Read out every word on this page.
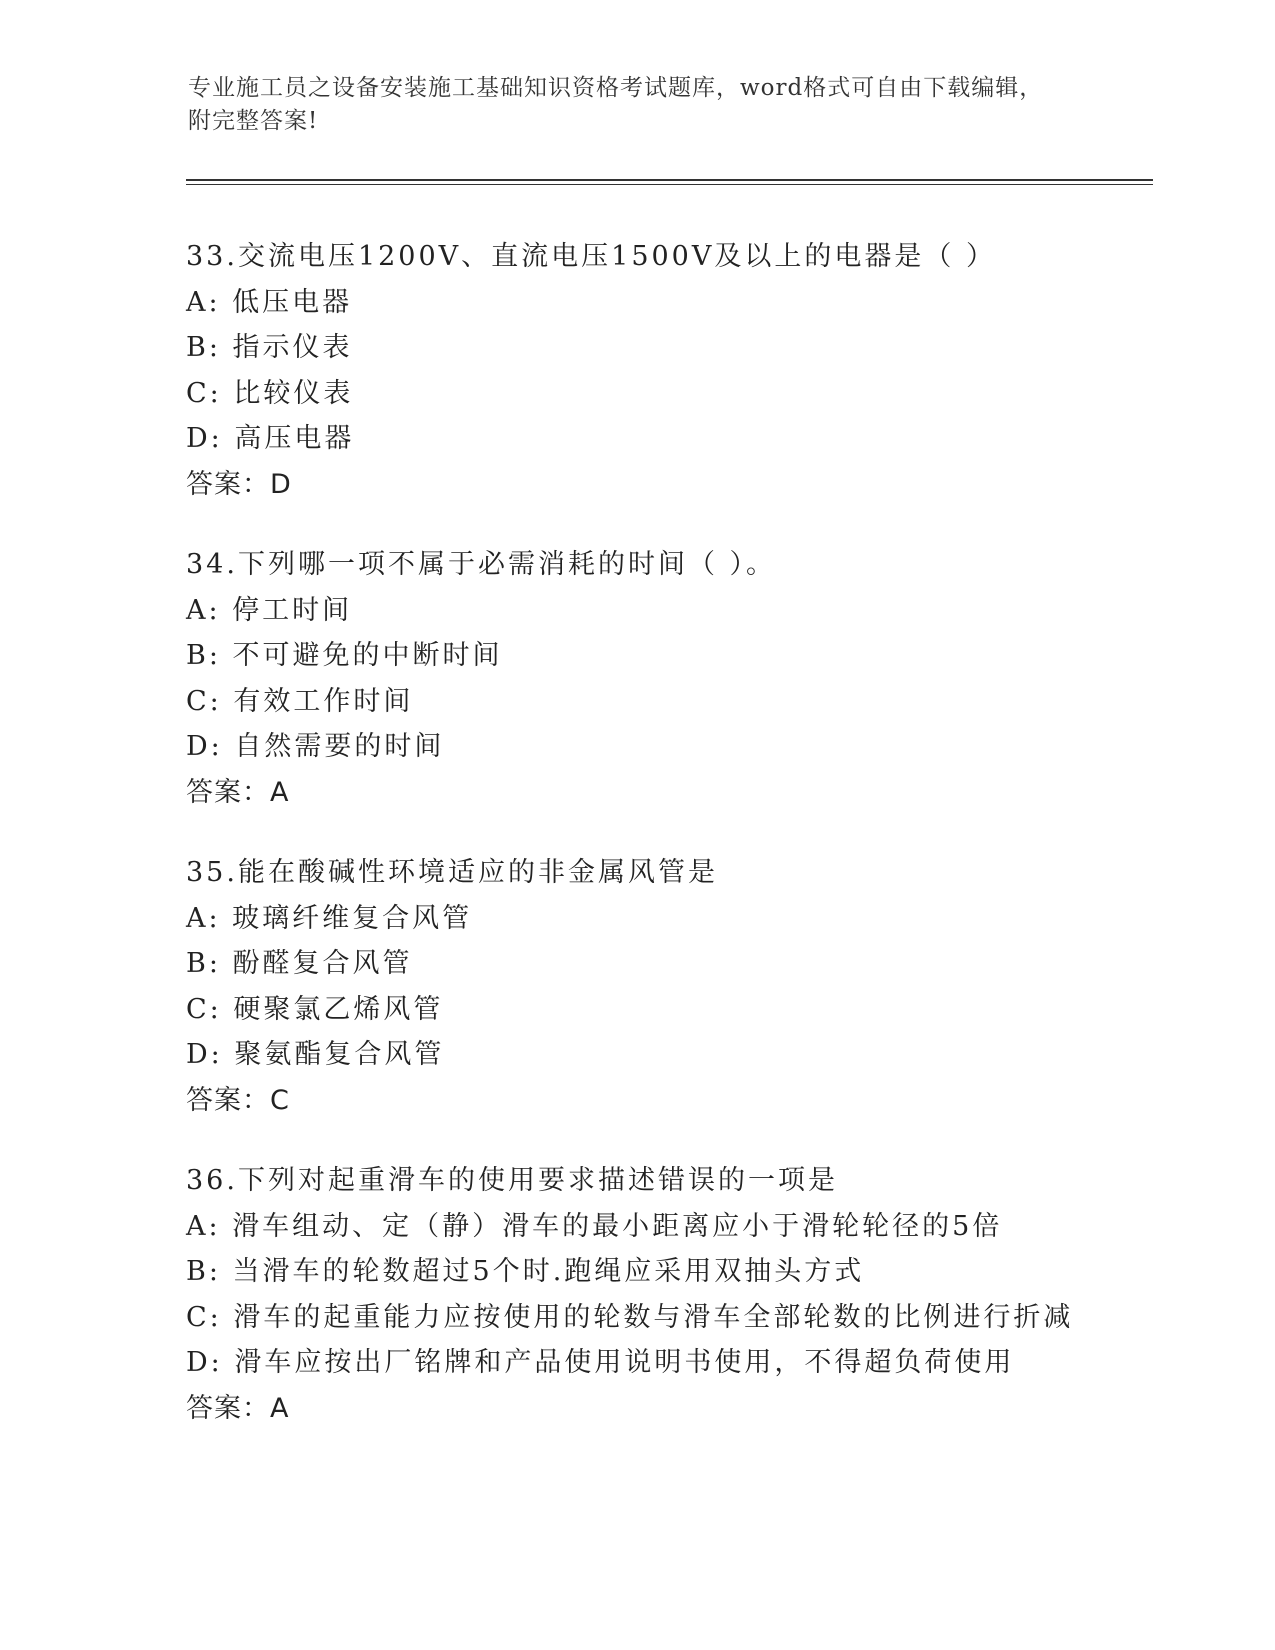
专业施工员之设备安装施工基础知识资格考试题库，word格式可自由下载编辑，
附完整答案!
33.交流电压1200V、直流电压1500V及以上的电器是（ ）
A: 低压电器
B: 指示仪表
C: 比较仪表
D: 高压电器
答案：D
34.下列哪一项不属于必需消耗的时间（ ）。
A: 停工时间
B: 不可避免的中断时间
C: 有效工作时间
D: 自然需要的时间
答案：A
35.能在酸碱性环境适应的非金属风管是
A: 玻璃纤维复合风管
B: 酚醛复合风管
C: 硬聚氯乙烯风管
D: 聚氨酯复合风管
答案：C
36.下列对起重滑车的使用要求描述错误的一项是
A: 滑车组动、定（静）滑车的最小距离应小于滑轮轮径的5倍
B: 当滑车的轮数超过5个时.跑绳应采用双抽头方式
C: 滑车的起重能力应按使用的轮数与滑车全部轮数的比例进行折减
D: 滑车应按出厂铭牌和产品使用说明书使用，不得超负荷使用
答案：A
